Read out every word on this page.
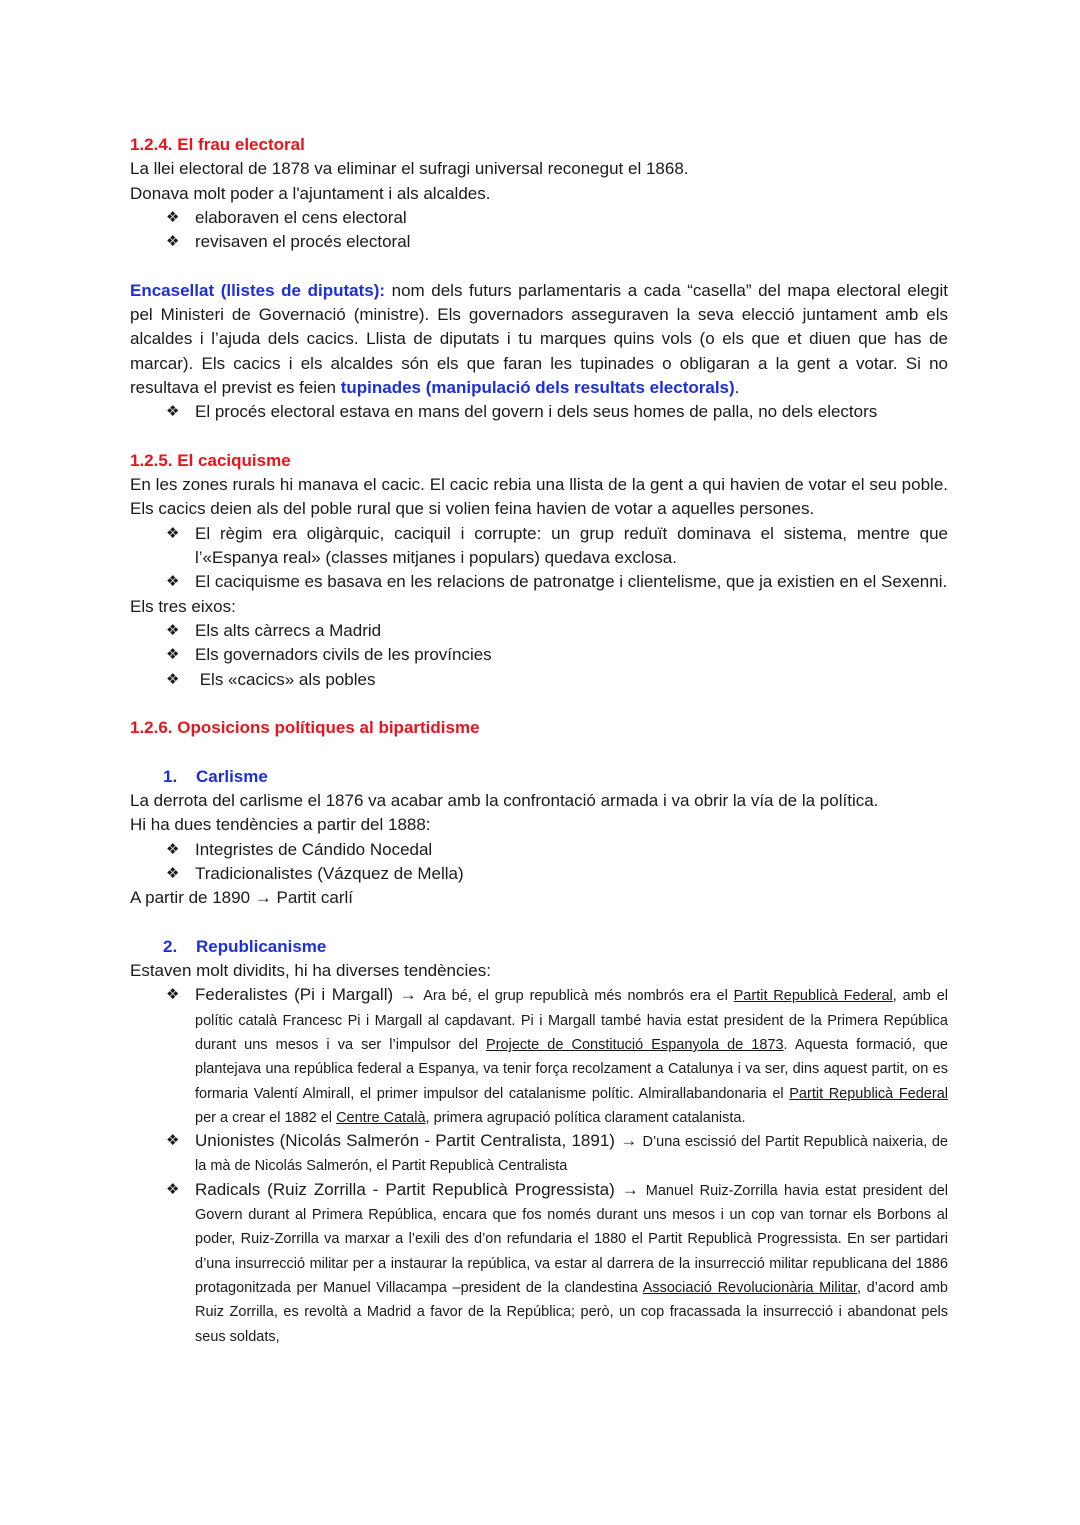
1.2.4. El frau electoral

La llei electoral de 1878 va eliminar el sufragi universal reconegut el 1868.

Donava molt poder a l'ajuntament i als alcaldes.

❖ elaboraven el cens electoral
❖ revisaven el procés electoral

Encasellat (llistes de diputats): nom dels futurs parlamentaris a cada “casella” del mapa electoral elegit pel Ministeri de Governació (ministre). Els governadors asseguraven la seva elecció juntament amb els alcaldes i l’ajuda dels cacics. Llista de diputats i tu marques quins vols (o els que et diuen que has de marcar). Els cacics i els alcaldes són els que faran les tupinades o obligaran a la gent a votar. Si no resultava el previst es feien tupinades (manipulació dels resultats electorals).

❖ El procés electoral estava en mans del govern i dels seus homes de palla, no dels electors

1.2.5. El caciquisme

En les zones rurals hi manava el cacic. El cacic rebia una llista de la gent a qui havien de votar el seu poble. Els cacics deien als del poble rural que si volien feina havien de votar a aquelles persones.

❖ El règim era oligàrquic, caciquil i corrupte: un grup reduït dominava el sistema, mentre que l’«Espanya real» (classes mitjanes i populars) quedava exclosa.
❖ El caciquisme es basava en les relacions de patronatge i clientelisme, que ja existien en el Sexenni.

Els tres eixos:

❖ Els alts càrrecs a Madrid
❖ Els governadors civils de les províncies
❖ Els «cacics» als pobles

1.2.6. Oposicions polítiques al bipartidisme

1. Carlisme

La derrota del carlisme el 1876 va acabar amb la confrontació armada i va obrir la vía de la política.

Hi ha dues tendències a partir del 1888:

❖ Integristes de Cándido Nocedal
❖ Tradicionalistes (Vázquez de Mella)

A partir de 1890 → Partit carlí

2. Republicanisme

Estaven molt dividits, hi ha diverses tendències:

❖ Federalistes (Pi i Margall) → Ara bé, el grup republicà més nombrós era el Partit Republicà Federal, amb el polític català Francesc Pi i Margall al capdavant. Pi i Margall també havia estat president de la Primera República durant uns mesos i va ser l’impulsor del Projecte de Constitució Espanyola de 1873. Aquesta formació, que plantejava una república federal a Espanya, va tenir força recolzament a Catalunya i va ser, dins aquest partit, on es formaria Valentí Almirall, el primer impulsor del catalanisme polític. Almirallabandonaria el Partit Republicà Federal per a crear el 1882 el Centre Català, primera agrupació política clarament catalanista.
❖ Unionistes (Nicolás Salmerón - Partit Centralista, 1891) → D’una escissió del Partit Republicà naixeria, de la mà de Nicolás Salmerón, el Partit Republicà Centralista
❖ Radicals (Ruiz Zorrilla - Partit Republicà Progressista) → Manuel Ruiz-Zorrilla havia estat president del Govern durant al Primera República, encara que fos només durant uns mesos i un cop van tornar els Borbons al poder, Ruiz-Zorrilla va marxar a l’exili des d’on refundaria el 1880 el Partit Republicà Progressista. En ser partidari d’una insurrecció militar per a instaurar la república, va estar al darrera de la insurrecció militar republicana del 1886 protagonitzada per Manuel Villacampa –president de la clandestina Associació Revolucionària Militar, d’acord amb Ruiz Zorrilla, es revoltà a Madrid a favor de la República; però, un cop fracassada la insurrecció i abandonat pels seus soldats,
